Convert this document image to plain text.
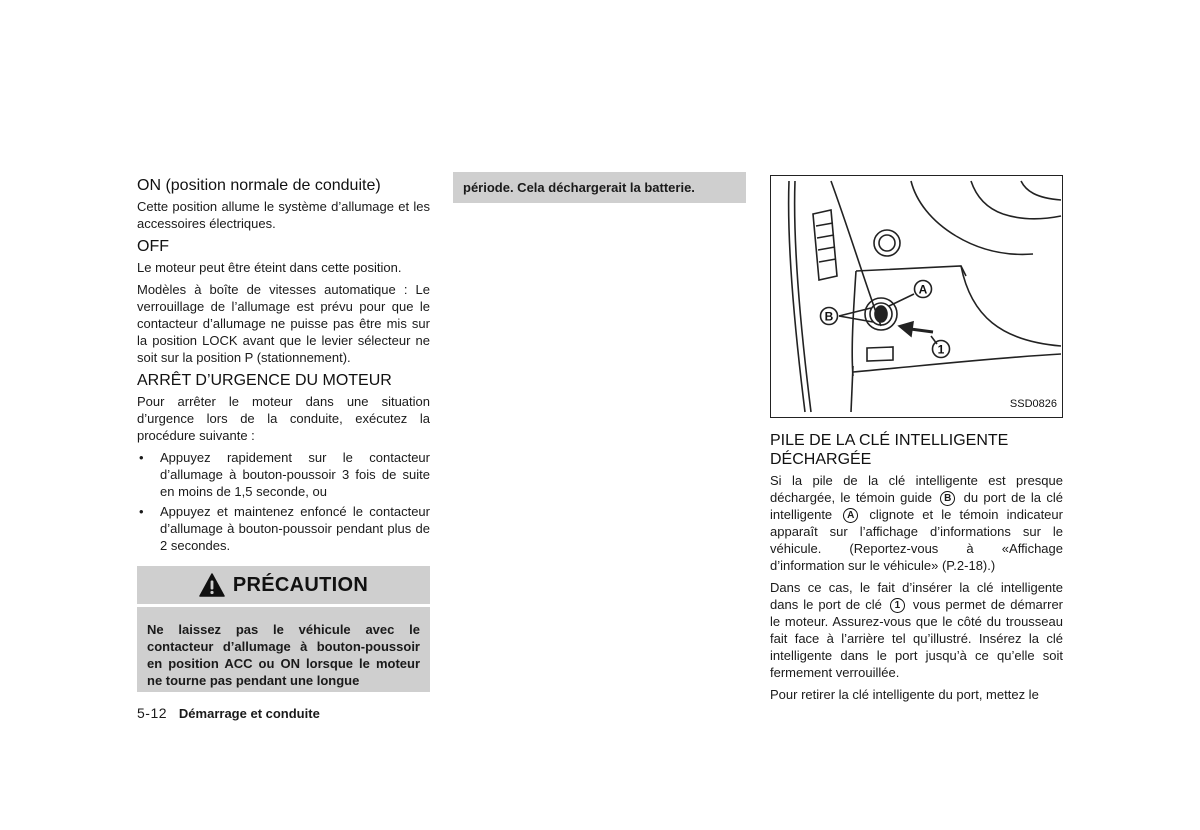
ON (position normale de conduite)

Cette position allume le système d’allumage et les accessoires électriques.

OFF

Le moteur peut être éteint dans cette position.

Modèles à boîte de vitesses automatique : Le verrouillage de l’allumage est prévu pour que le contacteur d’allumage ne puisse pas être mis sur la position LOCK avant que le levier sélecteur ne soit sur la position P (stationnement).

ARRÊT D’URGENCE DU MOTEUR

Pour arrêter le moteur dans une situation d’urgence lors de la conduite, exécutez la procédure suivante :

• Appuyez rapidement sur le contacteur d’allumage à bouton-poussoir 3 fois de suite en moins de 1,5 seconde, ou
• Appuyez et maintenez enfoncé le contacteur d’allumage à bouton-poussoir pendant plus de 2 secondes.
PRÉCAUTION
Ne laissez pas le véhicule avec le contacteur d’allumage à bouton-poussoir en position ACC ou ON lorsque le moteur ne tourne pas pendant une longue
période. Cela déchargerait la batterie.
A
B
1
SSD0826
PILE DE LA CLÉ INTELLIGENTE DÉCHARGÉE

Si la pile de la clé intelligente est presque déchargée, le témoin guide B du port de la clé intelligente A clignote et le témoin indicateur apparaît sur l’affichage d’informations sur le véhicule. (Reportez-vous à «Affichage d’information sur le véhicule» (P.2-18).)

Dans ce cas, le fait d’insérer la clé intelligente dans le port de clé 1 vous permet de démarrer le moteur. Assurez-vous que le côté du trousseau fait face à l’arrière tel qu’illustré. Insérez la clé intelligente dans le port jusqu’à ce qu’elle soit fermement verrouillée.

Pour retirer la clé intelligente du port, mettez le

5-12 Démarrage et conduite
